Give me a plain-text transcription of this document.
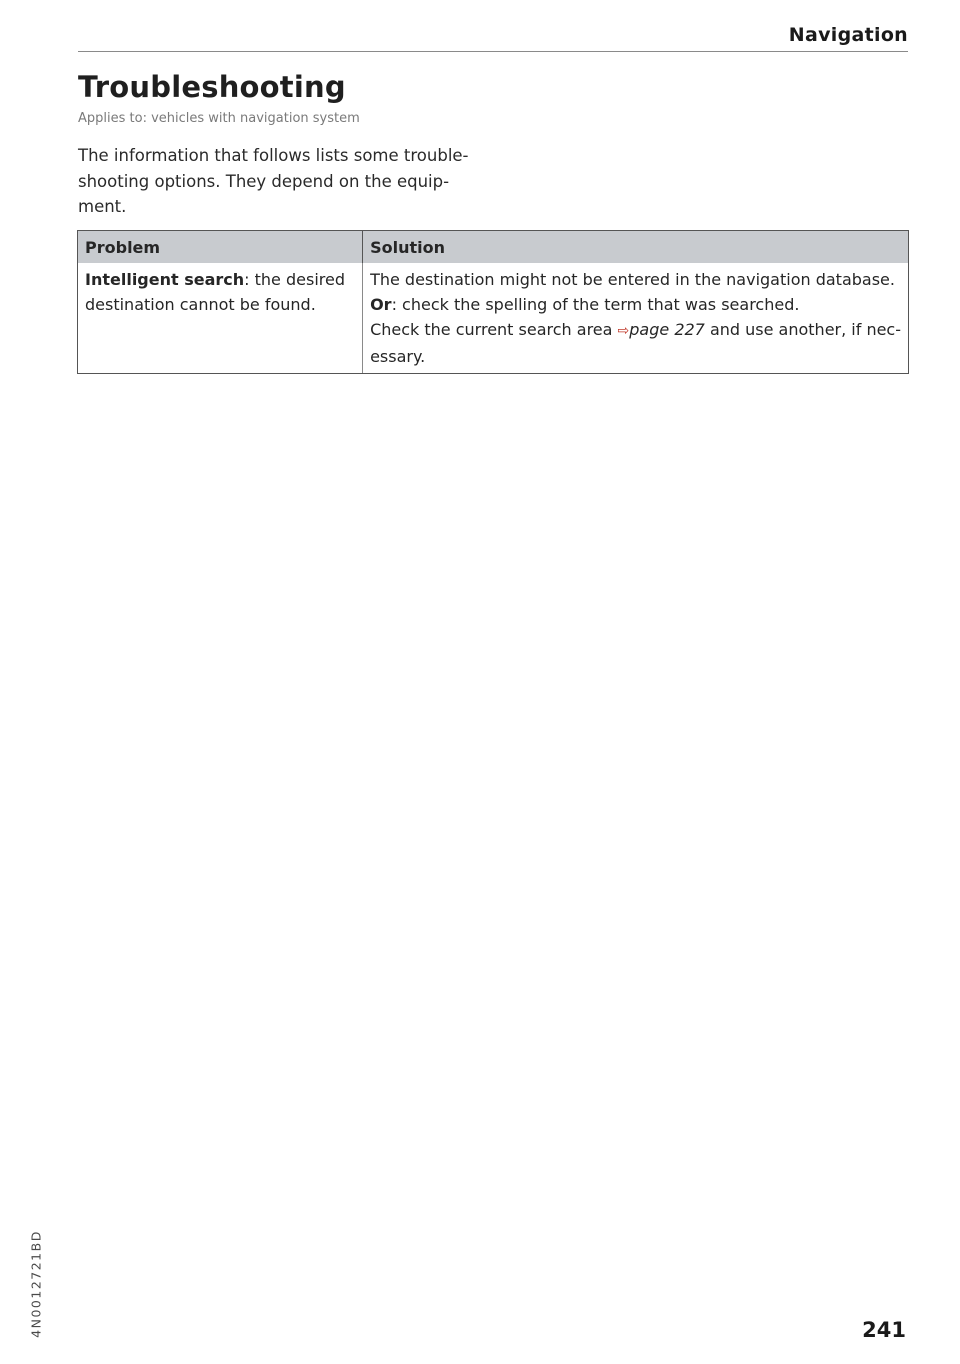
Navigation
Troubleshooting
Applies to: vehicles with navigation system

The information that follows lists some trouble-
shooting options. They depend on the equip-
ment.

Problem	Solution

Intelligent search: the desired
destination cannot be found.	The destination might not be entered in the navigation database.
Or: check the spelling of the term that was searched.
Check the current search area ⇨page 227 and use another, if nec-
essary.
4N0012721BD	241
